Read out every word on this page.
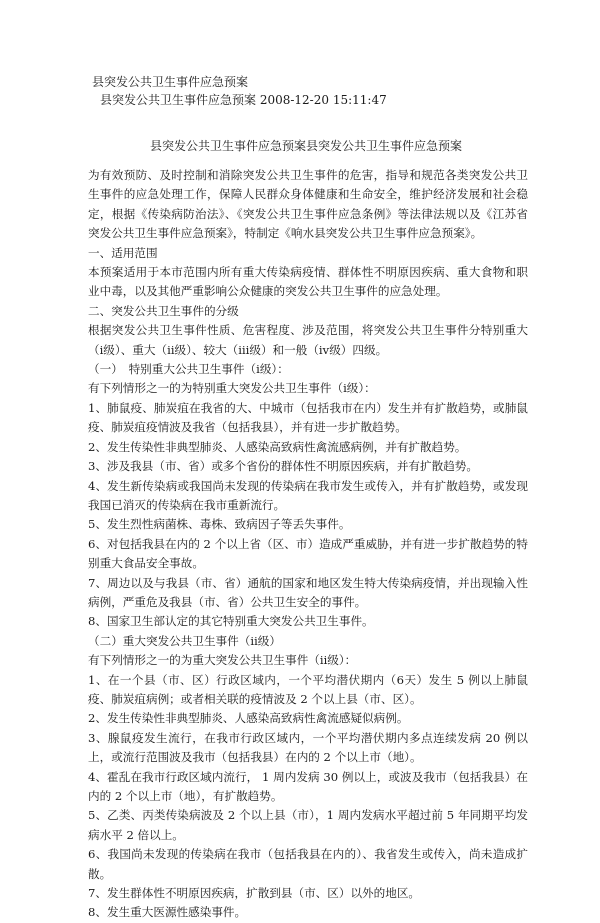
县突发公共卫生事件应急预案
县突发公共卫生事件应急预案 2008-12-20 15:11:47
县突发公共卫生事件应急预案县突发公共卫生事件应急预案

为有效预防、及时控制和消除突发公共卫生事件的危害，指导和规范各类突发公共卫生事件的应急处理工作，保障人民群众身体健康和生命安全，维护经济发展和社会稳定，根据《传染病防治法》、《突发公共卫生事件应急条例》等法律法规以及《江苏省突发公共卫生事件应急预案》，特制定《响水县突发公共卫生事件应急预案》。

一、适用范围

本预案适用于本市范围内所有重大传染病疫情、群体性不明原因疾病、重大食物和职业中毒，以及其他严重影响公众健康的突发公共卫生事件的应急处理。

二、突发公共卫生事件的分级

根据突发公共卫生事件性质、危害程度、涉及范围，将突发公共卫生事件分特别重大（ⅰ级）、重大（ⅱ级）、较大（ⅲ级）和一般（ⅳ级）四级。

（一）　特别重大公共卫生事件（ⅰ级）：

有下列情形之一的为特别重大突发公共卫生事件（ⅰ级）：

1、肺鼠疫、肺炭疽在我省的大、中城市（包括我市在内）发生并有扩散趋势，或肺鼠疫、肺炭疽疫情波及我省（包括我县），并有进一步扩散趋势。

2、发生传染性非典型肺炎、人感染高致病性禽流感病例，并有扩散趋势。

3、涉及我县（市、省）或多个省份的群体性不明原因疾病，并有扩散趋势。

4、发生新传染病或我国尚未发现的传染病在我市发生或传入，并有扩散趋势，或发现我国已消灭的传染病在我市重新流行。

5、发生烈性病菌株、毒株、致病因子等丢失事件。

6、对包括我县在内的 2 个以上省（区、市）造成严重威胁，并有进一步扩散趋势的特别重大食品安全事故。

7、周边以及与我县（市、省）通航的国家和地区发生特大传染病疫情，并出现输入性病例，严重危及我县（市、省）公共卫生安全的事件。

8、国家卫生部认定的其它特别重大突发公共卫生事件。

（二）重大突发公共卫生事件（ⅱ级）

有下列情形之一的为重大突发公共卫生事件（ⅱ级）：

1、在一个县（市、区）行政区域内，一个平均潜伏期内（6天）发生 5 例以上肺鼠疫、肺炭疽病例；或者相关联的疫情波及 2 个以上县（市、区）。

2、发生传染性非典型肺炎、人感染高致病性禽流感疑似病例。

3、腺鼠疫发生流行，在我市行政区域内，一个平均潜伏期内多点连续发病 20 例以上，或流行范围波及我市（包括我县）在内的 2 个以上市（地）。

4、霍乱在我市行政区域内流行， 1 周内发病 30 例以上，或波及我市（包括我县）在内的 2 个以上市（地），有扩散趋势。

5、乙类、丙类传染病波及 2 个以上县（市），1 周内发病水平超过前 5 年同期平均发病水平 2 倍以上。

6、我国尚未发现的传染病在我市（包括我县在内的）、我省发生或传入，尚未造成扩散。

7、发生群体性不明原因疾病，扩散到县（市、区）以外的地区。

8、发生重大医源性感染事件。
